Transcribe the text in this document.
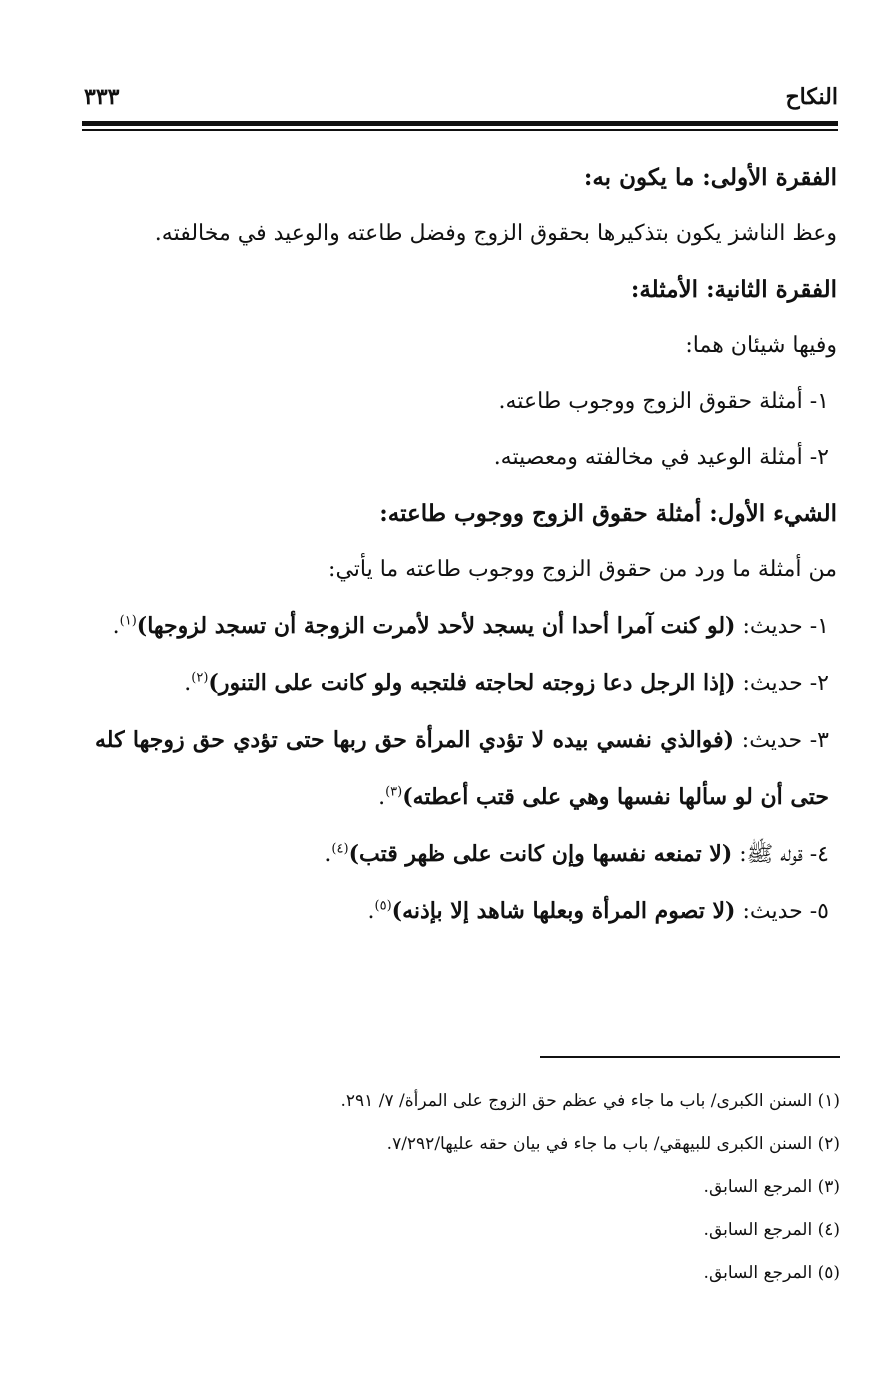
النكاح
٣٣٣

الفقرة الأولى: ما يكون به:

وعظ الناشز يكون بتذكيرها بحقوق الزوج وفضل طاعته والوعيد في مخالفته.

الفقرة الثانية: الأمثلة:

وفيها شيئان هما:

١- أمثلة حقوق الزوج ووجوب طاعته.

٢- أمثلة الوعيد في مخالفته ومعصيته.

الشيء الأول: أمثلة حقوق الزوج ووجوب طاعته:

من أمثلة ما ورد من حقوق الزوج ووجوب طاعته ما يأتي:

١- حديث: (لو كنت آمرا أحدا أن يسجد لأحد لأمرت الزوجة أن تسجد لزوجها)$^{(١)}$.

٢- حديث: (إذا الرجل دعا زوجته لحاجته فلتجبه ولو كانت على التنور)$^{(٢)}$.

٣- حديث: (فوالذي نفسي بيده لا تؤدي المرأة حق ربها حتى تؤدي حق زوجها كله حتى أن لو سألها نفسها وهي على قتب أعطته)$^{(٣)}$.

٤- قوله ﷺ: (لا تمنعه نفسها وإن كانت على ظهر قتب)$^{(٤)}$.

٥- حديث: (لا تصوم المرأة وبعلها شاهد إلا بإذنه)$^{(٥)}$.

(١) السنن الكبرى/ باب ما جاء في عظم حق الزوج على المرأة/ ٧/ ٢٩١.

(٢) السنن الكبرى للبيهقي/ باب ما جاء في بيان حقه عليها/٧/٢٩٢.

(٣) المرجع السابق.

(٤) المرجع السابق.

(٥) المرجع السابق.
